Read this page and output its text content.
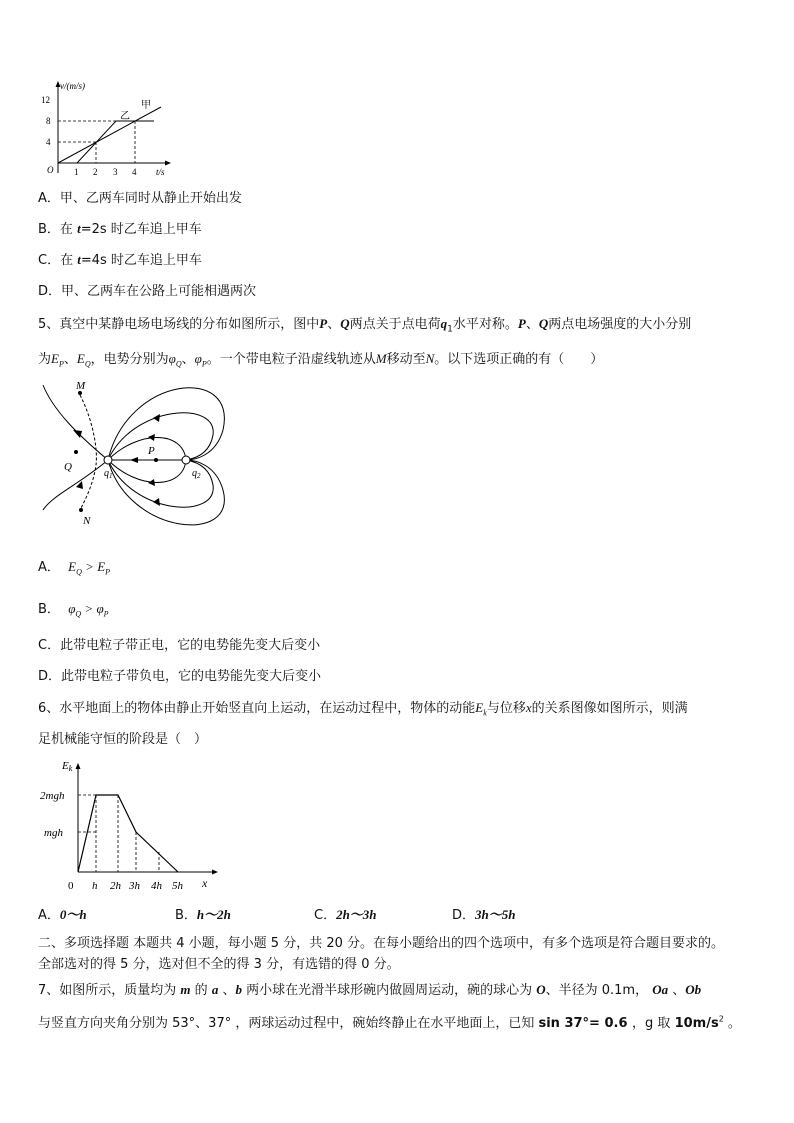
v/(m/s)
12
8
4
O 1 2 3 4 t/s
乙
甲
A．甲、乙两车同时从静止开始出发
B．在 t=2s 时乙车追上甲车
C．在 t=4s 时乙车追上甲车
D．甲、乙两车在公路上可能相遇两次
5、真空中某静电场电场线的分布如图所示，图中P、Q两点关于点电荷$q_1$水平对称。P、Q两点电场强度的大小分别
为$E_P$、$E_Q$，电势分别为$\varphi_Q$、$\varphi_P$。一个带电粒子沿虚线轨迹从M移动至N。以下选项正确的有（　　）
M
Q
P
$q_1$	$q_2$
N
A． $E_Q > E_P$
B． $\varphi_Q > \varphi_P$
C．此带电粒子带正电，它的电势能先变大后变小
D．此带电粒子带负电，它的电势能先变大后变小
6、水平地面上的物体由静止开始竖直向上运动，在运动过程中，物体的动能$E_k$与位移x的关系图像如图所示，则满
足机械能守恒的阶段是（　）
Ek
2mgh
mgh
0 h 2h 3h 4h 5h x
A．0～h	B．h～2h	C．2h～3h	D．3h～5h
二、多项选择题 本题共 4 小题，每小题 5 分，共 20 分。在每小题给出的四个选项中，有多个选项是符合题目要求的。
全部选对的得 5 分，选对但不全的得 3 分，有选错的得 0 分。
7、如图所示，质量均为 m 的 a 、b 两小球在光滑半球形碗内做圆周运动，碗的球心为 O、半径为 0.1m， Oa 、Ob
与竖直方向夹角分别为 53°、37° ，两球运动过程中，碗始终静止在水平地面上，已知 sin 37°= 0.6 ，g 取 $10m/s^2$ 。
